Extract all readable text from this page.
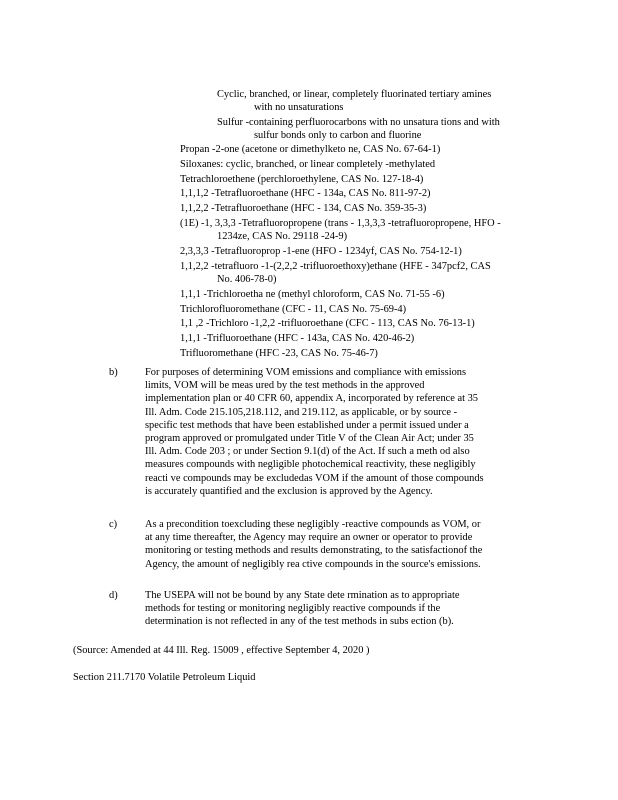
Cyclic, branched, or linear, completely fluorinated tertiary amines
with no unsaturations
Sulfur -containing perfluorocarbons with no unsatura tions and with
sulfur bonds only to carbon and fluorine
Propan -2-one (acetone or dimethylketo ne, CAS No. 67-64-1)
Siloxanes: cyclic, branched, or linear completely -methylated
Tetrachloroethene (perchloroethylene, CAS No. 127-18-4)
1,1,1,2 -Tetrafluoroethane (HFC - 134a, CAS No. 811-97-2)
1,1,2,2 -Tetrafluoroethane (HFC - 134, CAS No. 359-35-3)
(1E) -1, 3,3,3 -Tetrafluoropropene (trans - 1,3,3,3 -tetrafluoropropene, HFO -
1234ze, CAS No. 29118 -24-9)
2,3,3,3 -Tetrafluoroprop -1-ene (HFO - 1234yf, CAS No. 754-12-1)
1,1,2,2 -tetrafluoro -1-(2,2,2 -trifluoroethoxy)ethane (HFE - 347pcf2, CAS
No. 406-78-0)
1,1,1 -Trichloroetha ne (methyl chloroform, CAS No. 71-55 -6)
Trichlorofluoromethane (CFC - 11, CAS No. 75-69-4)
1,1 ,2 -Trichloro -1,2,2 -trifluoroethane (CFC - 113, CAS No. 76-13-1)
1,1,1 -Trifluoroethane (HFC - 143a, CAS No. 420-46-2)
Trifluoromethane (HFC -23, CAS No. 75-46-7)
b)	For purposes of determining VOM emissions and compliance with emissions
limits, VOM will be meas ured by the test methods in the approved
implementation plan or 40 CFR 60, appendix A, incorporated by reference at 35
Ill. Adm. Code 215.105,218.112, and 219.112, as applicable, or by source -
specific test methods that have been established under a permit issued under a
program approved or promulgated under Title V of the Clean Air Act; under 35
Ill. Adm. Code 203 ; or under Section 9.1(d) of the Act. If such a meth od also
measures compounds with negligible photochemical reactivity, these negligibly
reacti ve compounds may be excludedas VOM if the amount of those compounds
is accurately quantified and the exclusion is approved by the Agency.
c)	As a precondition toexcluding these negligibly -reactive compounds as VOM, or
at any time thereafter, the Agency may require an owner or operator to provide
monitoring or testing methods and results demonstrating, to the satisfactionof the
Agency, the amount of negligibly rea ctive compounds in the source's emissions.
d)	The USEPA will not be bound by any State dete rmination as to appropriate
methods for testing or monitoring negligibly reactive compounds if the
determination is not reflected in any of the test methods in subs ection (b).
(Source: Amended at 44 Ill. Reg. 15009 , effective September 4, 2020 )
Section 211.7170 Volatile Petroleum Liquid
